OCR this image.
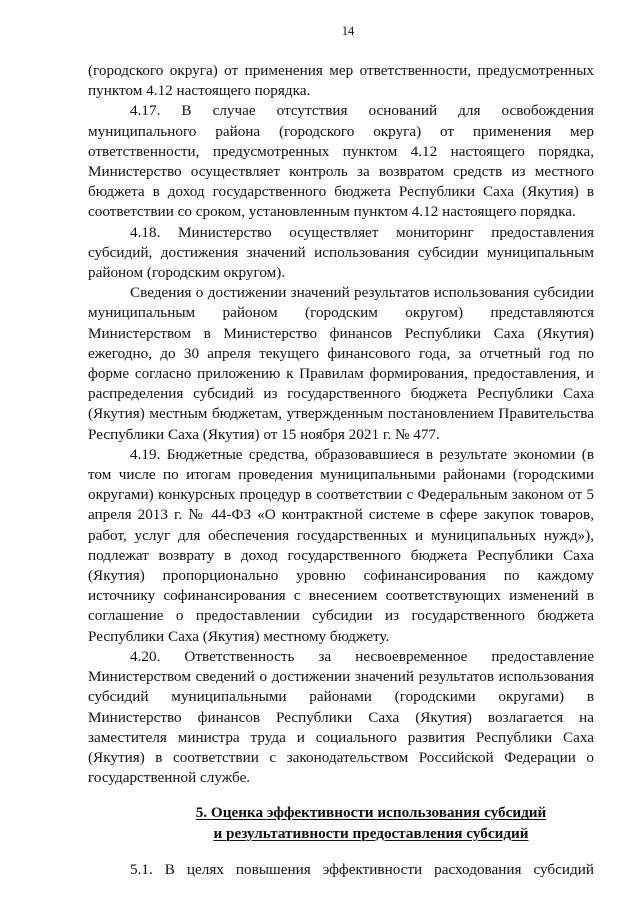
14

(городского округа) от применения мер ответственности, предусмотренных пунктом 4.12 настоящего порядка.

4.17. В случае отсутствия оснований для освобождения муниципального района (городского округа) от применения мер ответственности, предусмотренных пунктом 4.12 настоящего порядка, Министерство осуществляет контроль за возвратом средств из местного бюджета в доход государственного бюджета Республики Саха (Якутия) в соответствии со сроком, установленным пунктом 4.12 настоящего порядка.

4.18. Министерство осуществляет мониторинг предоставления субсидий, достижения значений использования субсидии муниципальным районом (городским округом).

Сведения о достижении значений результатов использования субсидии муниципальным районом (городским округом) представляются Министерством в Министерство финансов Республики Саха (Якутия) ежегодно, до 30 апреля текущего финансового года, за отчетный год по форме согласно приложению к Правилам формирования, предоставления, и распределения субсидий из государственного бюджета Республики Саха (Якутия) местным бюджетам, утвержденным постановлением Правительства Республики Саха (Якутия) от 15 ноября 2021 г. № 477.

4.19. Бюджетные средства, образовавшиеся в результате экономии (в том числе по итогам проведения муниципальными районами (городскими округами) конкурсных процедур в соответствии с Федеральным законом от 5 апреля 2013 г. № 44-ФЗ «О контрактной системе в сфере закупок товаров, работ, услуг для обеспечения государственных и муниципальных нужд»), подлежат возврату в доход государственного бюджета Республики Саха (Якутия) пропорционально уровню софинансирования по каждому источнику софинансирования с внесением соответствующих изменений в соглашение о предоставлении субсидии из государственного бюджета Республики Саха (Якутия) местному бюджету.

4.20. Ответственность за несвоевременное предоставление Министерством сведений о достижении значений результатов использования субсидий муниципальными районами (городскими округами) в Министерство финансов Республики Саха (Якутия) возлагается на заместителя министра труда и социального развития Республики Саха (Якутия) в соответствии с законодательством Российской Федерации о государственной службе.

5. Оценка эффективности использования субсидий
и результативности предоставления субсидий

5.1. В целях повышения эффективности расходования субсидий
